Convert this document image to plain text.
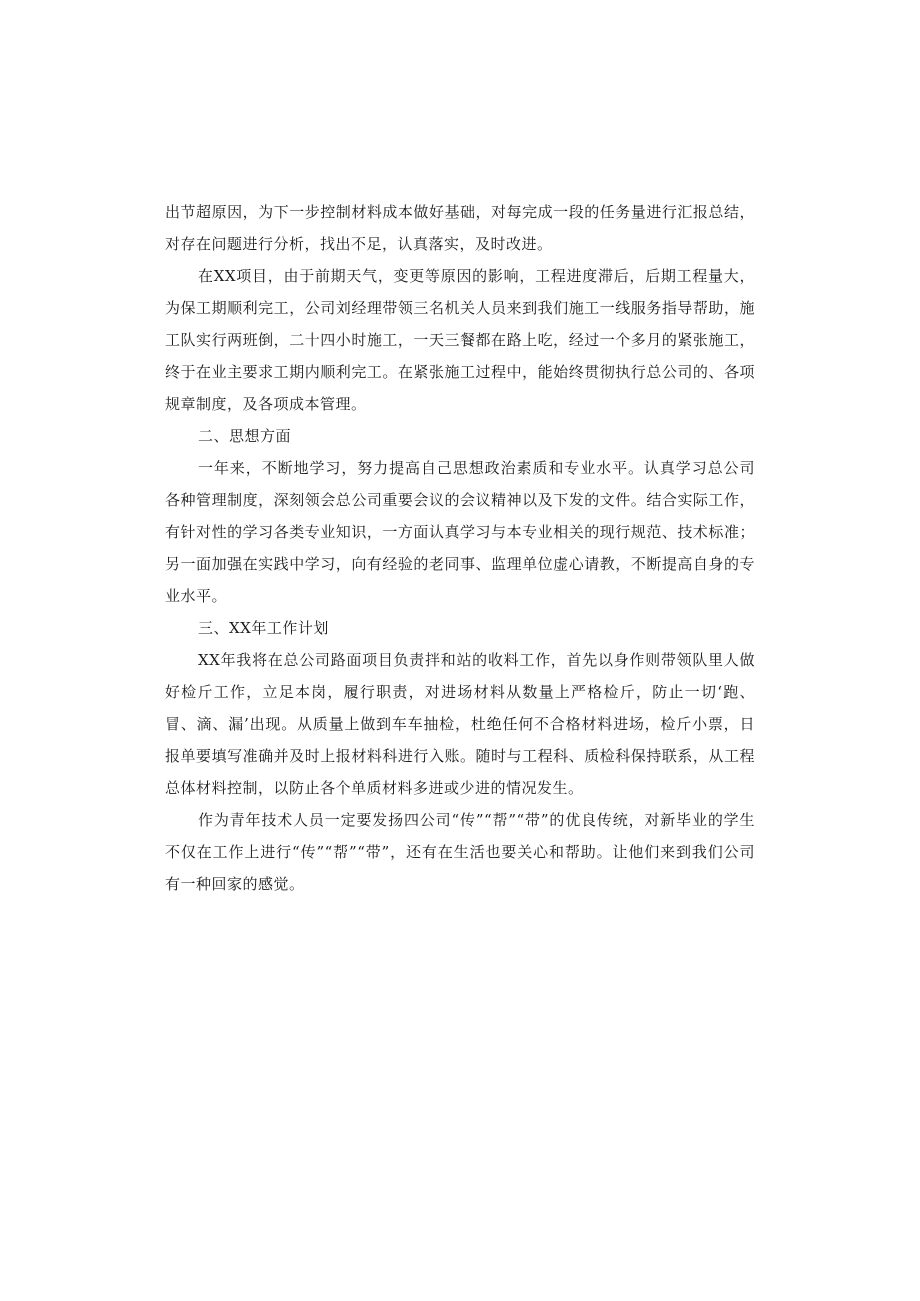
出节超原因，为下一步控制材料成本做好基础，对每完成一段的任务量进行汇报总结，对存在问题进行分析，找出不足，认真落实，及时改进。

在XX项目，由于前期天气，变更等原因的影响，工程进度滞后，后期工程量大，为保工期顺利完工，公司刘经理带领三名机关人员来到我们施工一线服务指导帮助，施工队实行两班倒，二十四小时施工，一天三餐都在路上吃，经过一个多月的紧张施工，终于在业主要求工期内顺利完工。在紧张施工过程中，能始终贯彻执行总公司的、各项规章制度，及各项成本管理。

二、思想方面

一年来，不断地学习，努力提高自己思想政治素质和专业水平。认真学习总公司各种管理制度，深刻领会总公司重要会议的会议精神以及下发的文件。结合实际工作，有针对性的学习各类专业知识，一方面认真学习与本专业相关的现行规范、技术标准；另一面加强在实践中学习，向有经验的老同事、监理单位虚心请教，不断提高自身的专业水平。

三、XX年工作计划

XX年我将在总公司路面项目负责拌和站的收料工作，首先以身作则带领队里人做好检斤工作，立足本岗，履行职责，对进场材料从数量上严格检斤，防止一切‘跑、冒、滴、漏’出现。从质量上做到车车抽检，杜绝任何不合格材料进场，检斤小票，日报单要填写准确并及时上报材料科进行入账。随时与工程科、质检科保持联系，从工程总体材料控制，以防止各个单质材料多进或少进的情况发生。

作为青年技术人员一定要发扬四公司“传”“帮”“带”的优良传统，对新毕业的学生不仅在工作上进行“传”“帮”“带”，还有在生活也要关心和帮助。让他们来到我们公司有一种回家的感觉。
